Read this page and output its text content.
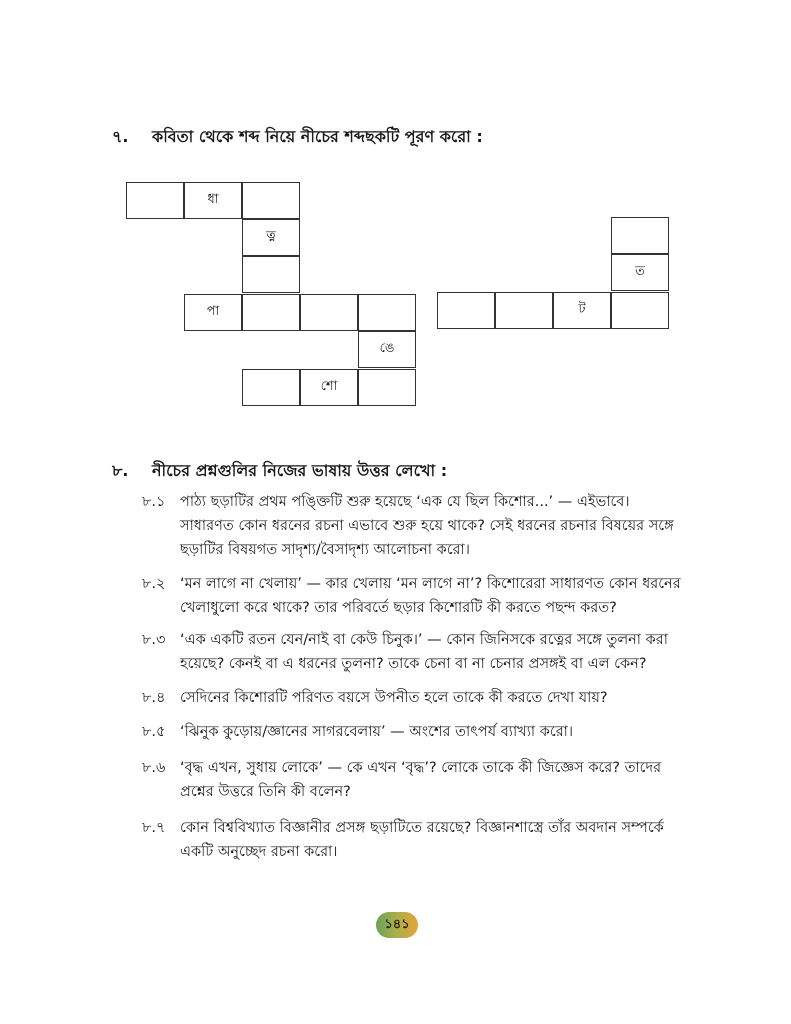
৭. কবিতা থেকে শব্দ নিয়ে নীচের শব্দছকটি পূরণ করো :
ধা
ত্ন
পা
ঙে
শো
ত
ট
৮. নীচের প্রশ্নগুলির নিজের ভাষায় উত্তর লেখো :
৮.১ পাঠ্য ছড়াটির প্রথম পঙ্ক্তিটি শুরু হয়েছে ‘এক যে ছিল কিশোর...’ — এইভাবে। সাধারণত কোন ধরনের রচনা এভাবে শুরু হয়ে থাকে? সেই ধরনের রচনার বিষয়ের সঙ্গে ছড়াটির বিষয়গত সাদৃশ্য/বৈসাদৃশ্য আলোচনা করো।
৮.২ ‘মন লাগে না খেলায়’ — কার খেলায় ‘মন লাগে না’? কিশোরেরা সাধারণত কোন ধরনের খেলাধুলো করে থাকে? তার পরিবর্তে ছড়ার কিশোরটি কী করতে পছন্দ করত?
৮.৩ ‘এক একটি রতন যেন/নাই বা কেউ চিনুক।’ — কোন জিনিসকে রত্নের সঙ্গে তুলনা করা হয়েছে? কেনই বা এ ধরনের তুলনা? তাকে চেনা বা না চেনার প্রসঙ্গই বা এল কেন?
৮.৪ সেদিনের কিশোরটি পরিণত বয়সে উপনীত হলে তাকে কী করতে দেখা যায়?
৮.৫ ‘ঝিনুক কুড়োয়/জ্ঞানের সাগরবেলায়’ — অংশের তাৎপর্য ব্যাখ্যা করো।
৮.৬ ‘বৃদ্ধ এখন, সুধায় লোকে’ — কে এখন ‘বৃদ্ধ’? লোকে তাকে কী জিজ্ঞেস করে? তাদের প্রশ্নের উত্তরে তিনি কী বলেন?
৮.৭ কোন বিশ্ববিখ্যাত বিজ্ঞানীর প্রসঙ্গ ছড়াটিতে রয়েছে? বিজ্ঞানশাস্ত্রে তাঁর অবদান সম্পর্কে একটি অনুচ্ছেদ রচনা করো।
১৪১
